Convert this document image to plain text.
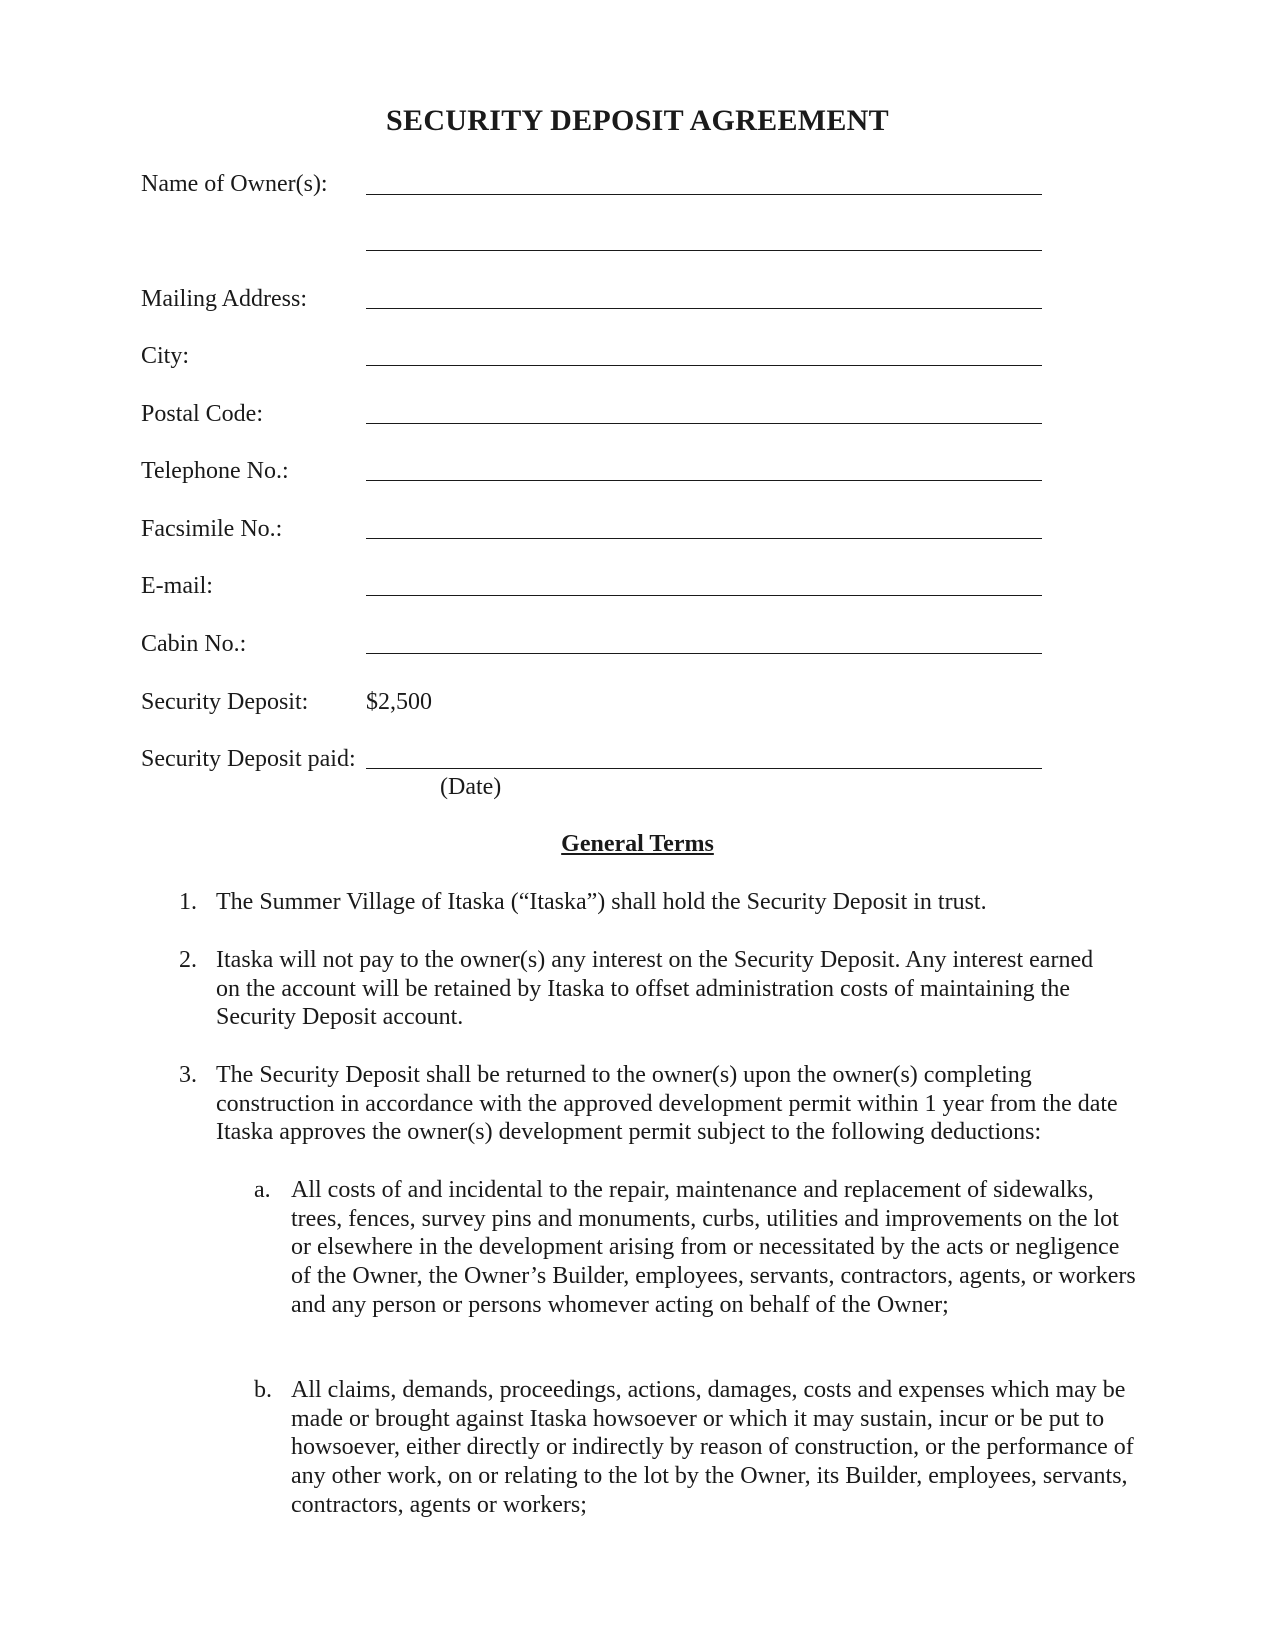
SECURITY DEPOSIT AGREEMENT
Name of Owner(s):
Mailing Address:
City:
Postal Code:
Telephone No.:
Facsimile No.:
E-mail:
Cabin No.:
Security Deposit: $2,500
Security Deposit paid:
(Date)
General Terms
1. The Summer Village of Itaska (“Itaska”) shall hold the Security Deposit in trust.
2. Itaska will not pay to the owner(s) any interest on the Security Deposit. Any interest earned on the account will be retained by Itaska to offset administration costs of maintaining the Security Deposit account.
3. The Security Deposit shall be returned to the owner(s) upon the owner(s) completing construction in accordance with the approved development permit within 1 year from the date Itaska approves the owner(s) development permit subject to the following deductions:
a. All costs of and incidental to the repair, maintenance and replacement of sidewalks, trees, fences, survey pins and monuments, curbs, utilities and improvements on the lot or elsewhere in the development arising from or necessitated by the acts or negligence of the Owner, the Owner’s Builder, employees, servants, contractors, agents, or workers and any person or persons whomever acting on behalf of the Owner;
b. All claims, demands, proceedings, actions, damages, costs and expenses which may be made or brought against Itaska howsoever or which it may sustain, incur or be put to howsoever, either directly or indirectly by reason of construction, or the performance of any other work, on or relating to the lot by the Owner, its Builder, employees, servants, contractors, agents or workers;
